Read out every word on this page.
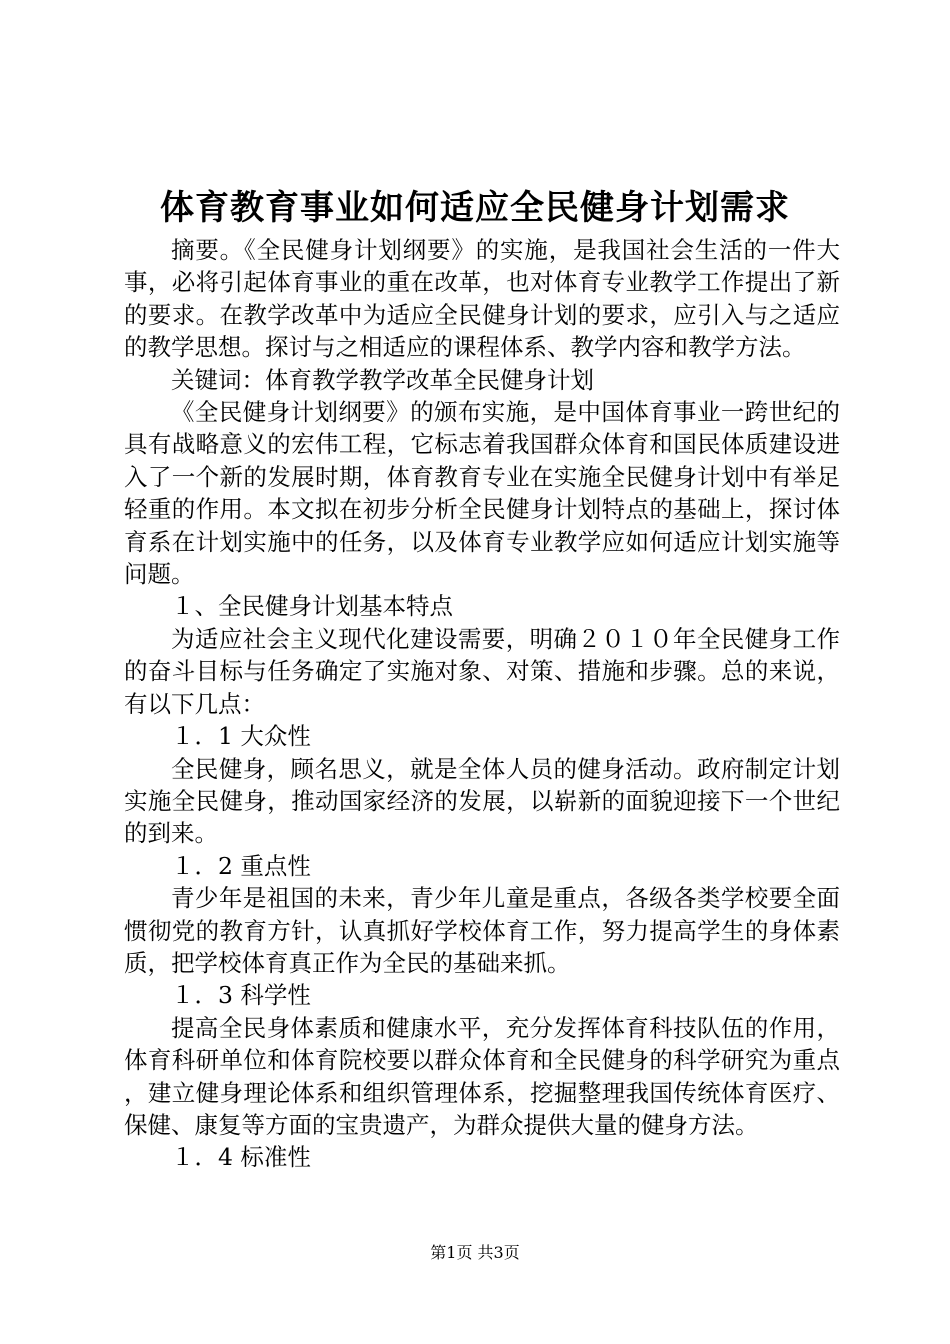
体育教育事业如何适应全民健身计划需求

摘要。《全民健身计划纲要》的实施，是我国社会生活的一件大事，必将引起体育事业的重在改革，也对体育专业教学工作提出了新的要求。在教学改革中为适应全民健身计划的要求，应引入与之适应的教学思想。探讨与之相适应的课程体系、教学内容和教学方法。

关键词：体育教学教学改革全民健身计划

《全民健身计划纲要》的颁布实施，是中国体育事业一跨世纪的具有战略意义的宏伟工程，它标志着我国群众体育和国民体质建设进入了一个新的发展时期，体育教育专业在实施全民健身计划中有举足轻重的作用。本文拟在初步分析全民健身计划特点的基础上，探讨体育系在计划实施中的任务，以及体育专业教学应如何适应计划实施等问题。

１、全民健身计划基本特点

为适应社会主义现代化建设需要，明确２０１０年全民健身工作的奋斗目标与任务确定了实施对象、对策、措施和步骤。总的来说，有以下几点：

１．1 大众性

全民健身，顾名思义，就是全体人员的健身活动。政府制定计划实施全民健身，推动国家经济的发展，以崭新的面貌迎接下一个世纪的到来。

１．2 重点性

青少年是祖国的未来，青少年儿童是重点，各级各类学校要全面惯彻党的教育方针，认真抓好学校体育工作，努力提高学生的身体素质，把学校体育真正作为全民的基础来抓。

１．3 科学性

提高全民身体素质和健康水平，充分发挥体育科技队伍的作用，体育科研单位和体育院校要以群众体育和全民健身的科学研究为重点，建立健身理论体系和组织管理体系，挖掘整理我国传统体育医疗、保健、康复等方面的宝贵遗产，为群众提供大量的健身方法。

１．4 标准性

第1页 共3页
